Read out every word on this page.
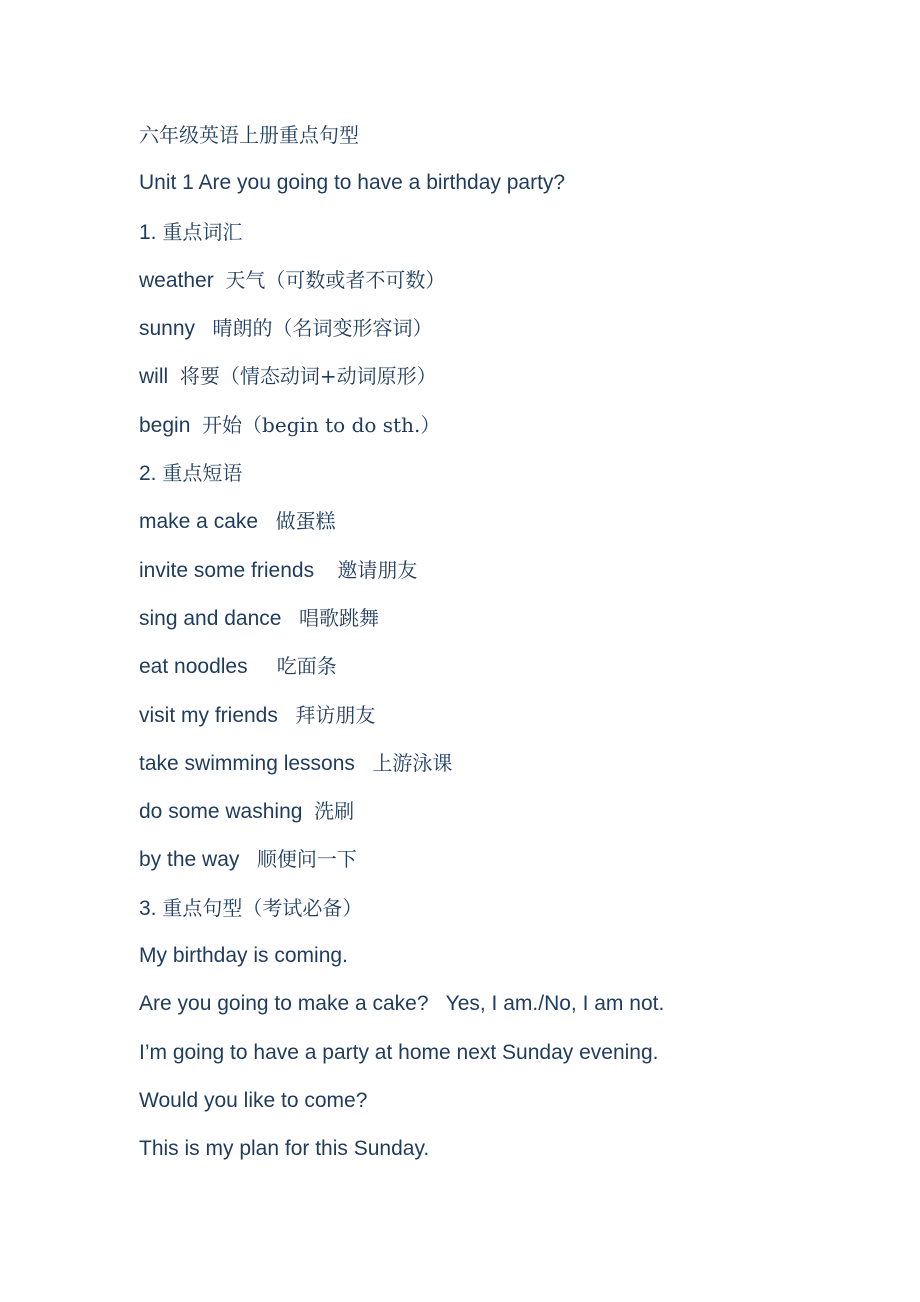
六年级英语上册重点句型
Unit 1 Are you going to have a birthday party?
1. 重点词汇
weather  天气（可数或者不可数）
sunny   晴朗的（名词变形容词）
will  将要（情态动词+动词原形）
begin  开始（begin to do sth.）
2. 重点短语
make a cake   做蛋糕
invite some friends    邀请朋友
sing and dance   唱歌跳舞
eat noodles     吃面条
visit my friends   拜访朋友
take swimming lessons   上游泳课
do some washing  洗刷
by the way   顺便问一下
3. 重点句型（考试必备）
My birthday is coming.
Are you going to make a cake?   Yes, I am./No, I am not.
I’m going to have a party at home next Sunday evening.
Would you like to come?
This is my plan for this Sunday.
